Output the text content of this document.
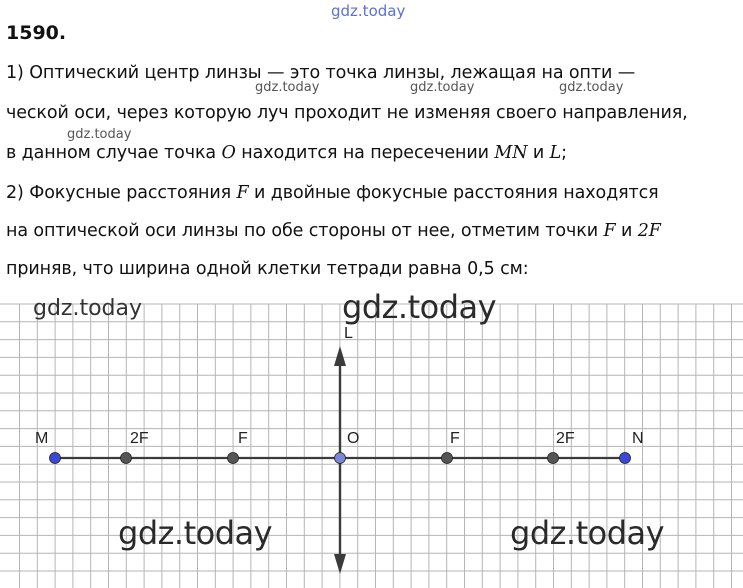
gdz.today
1590.
1) Оптический центр линзы — это точка линзы, лежащая на опти —
gdz.today	gdz.today	gdz.today
ческой оси, через которую луч проходит не изменяя своего направления,
gdz.today
в данном случае точка O находится на пересечении MN и L;
2) Фокусные расстояния F и двойные фокусные расстояния находятся
на оптической оси линзы по обе стороны от нее, отметим точки F и 2F
приняв, что ширина одной клетки тетради равна 0,5 см:
L
M	2F	F	O	F	2F	N
gdz.today	gdz.today
gdz.today	gdz.today
